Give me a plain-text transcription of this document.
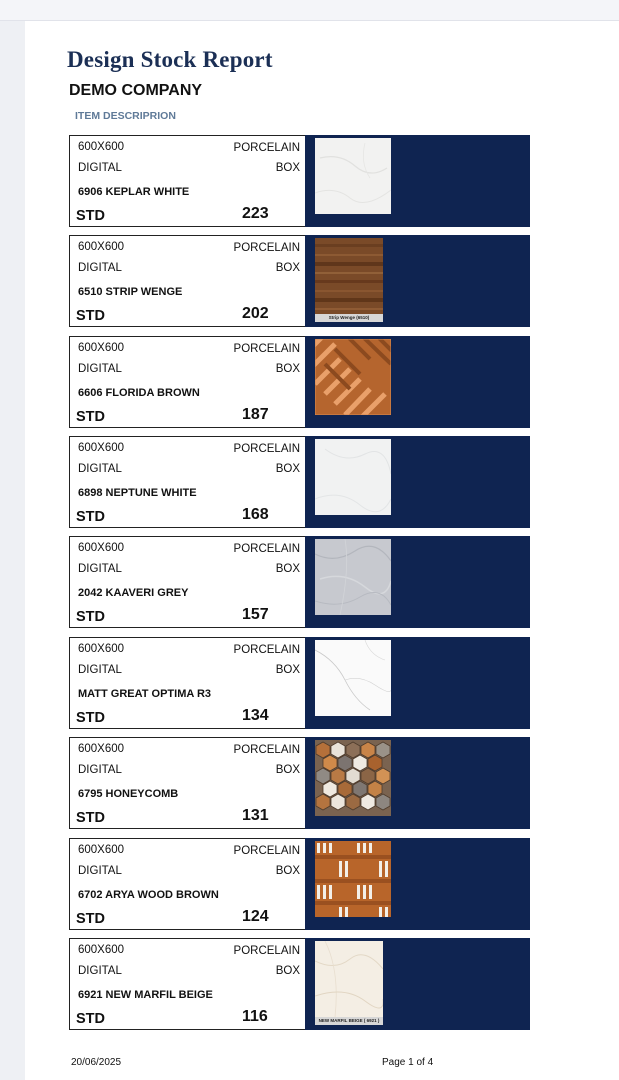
Design Stock Report
DEMO COMPANY
ITEM DESCRIPRION
600X600	PORCELAIN
DIGITAL	BOX
6906 KEPLAR WHITE
STD	223
600X600	PORCELAIN
DIGITAL	BOX
6510 STRIP WENGE
STD	202	Strip Wenge (6510)
600X600	PORCELAIN
DIGITAL	BOX
6606 FLORIDA BROWN
STD	187
600X600	PORCELAIN
DIGITAL	BOX
6898 NEPTUNE WHITE
STD	168
600X600	PORCELAIN
DIGITAL	BOX
2042 KAAVERI GREY
STD	157
600X600	PORCELAIN
DIGITAL	BOX
MATT GREAT OPTIMA R3
STD	134
600X600	PORCELAIN
DIGITAL	BOX
6795 HONEYCOMB
STD	131
600X600	PORCELAIN
DIGITAL	BOX
6702 ARYA WOOD BROWN
STD	124
600X600	PORCELAIN
DIGITAL	BOX
6921 NEW MARFIL BEIGE
STD	116	NEW MARFIL BEIGE ( 6921 )
20/06/2025	Page 1 of 4
